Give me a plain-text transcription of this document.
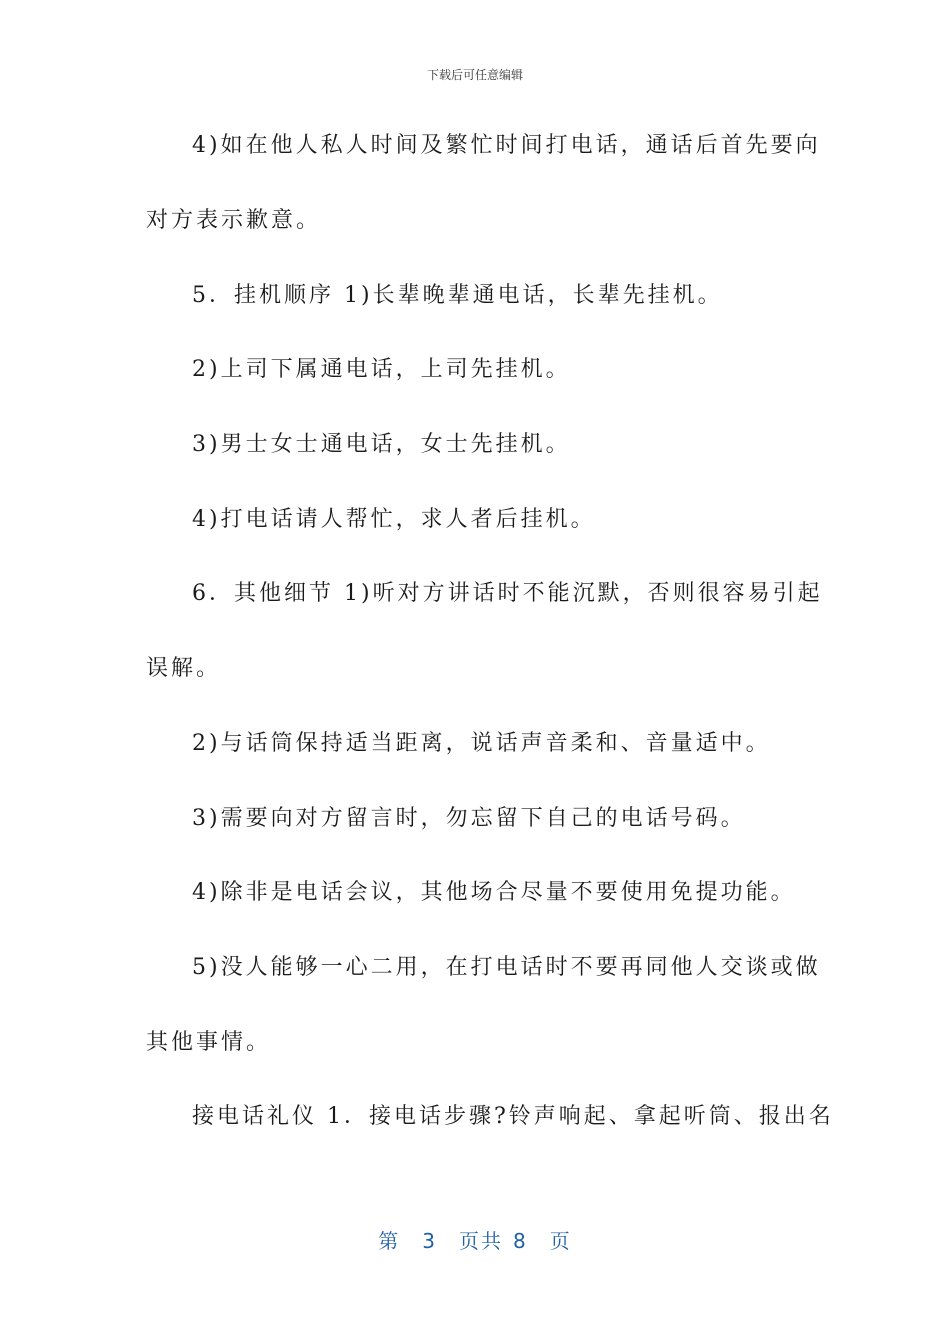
下载后可任意编辑
4)如在他人私人时间及繁忙时间打电话，通话后首先要向
对方表示歉意。
5．挂机顺序 1)长辈晚辈通电话，长辈先挂机。
2)上司下属通电话，上司先挂机。
3)男士女士通电话，女士先挂机。
4)打电话请人帮忙，求人者后挂机。
6．其他细节 1)听对方讲话时不能沉默，否则很容易引起
误解。
2)与话筒保持适当距离，说话声音柔和、音量适中。
3)需要向对方留言时，勿忘留下自己的电话号码。
4)除非是电话会议，其他场合尽量不要使用免提功能。
5)没人能够一心二用，在打电话时不要再同他人交谈或做
其他事情。
接电话礼仪 1．接电话步骤?铃声响起、拿起听筒、报出名
第 3 页共 8 页
